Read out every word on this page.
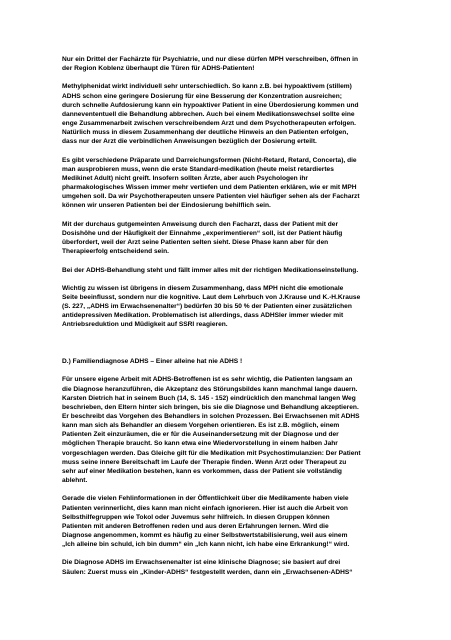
Nur ein Drittel der Fachärzte für Psychiatrie, und nur diese dürfen MPH verschreiben, öffnen in
der Region Koblenz überhaupt die Türen für ADHS-Patienten!

Methylphenidat wirkt individuell sehr unterschiedlich. So kann z.B. bei hypoaktivem (stillem)
ADHS schon eine geringere Dosierung für eine Besserung der Konzentration ausreichen;
durch schnelle Aufdosierung kann ein hypoaktiver Patient in eine Überdosierung kommen und
dannevententuell die Behandlung abbrechen. Auch bei einem Medikationswechsel sollte eine
enge Zusammenarbeit zwischen verschreibendem Arzt und dem Psychotherapeuten erfolgen.
Natürlich muss in diesem Zusammenhang der deutliche Hinweis an den Patienten erfolgen,
dass nur der Arzt die verbindlichen Anweisungen bezüglich der Dosierung erteilt.

Es gibt verschiedene Präparate und Darreichungsformen (Nicht-Retard, Retard, Concerta), die
man ausprobieren muss, wenn die erste Standard-medikation (heute meist retardiertes
Medikinet Adult) nicht greift. Insofern sollten Ärzte, aber auch Psychologen ihr
pharmakologisches Wissen immer mehr vertiefen und dem Patienten erklären, wie er mit MPH
umgehen soll. Da wir Psychotherapeuten unsere Patienten viel häufiger sehen als der Facharzt
können wir unseren Patienten bei der Eindosierung behilflich sein.

Mit der durchaus gutgemeinten Anweisung durch den Facharzt, dass der Patient mit der
Dosishöhe und der Häufigkeit der Einnahme „experimentieren“ soll, ist der Patient häufig
überfordert, weil der Arzt seine Patienten selten sieht. Diese Phase kann aber für den
Therapieerfolg entscheidend sein.

Bei der ADHS-Behandlung steht und fällt immer alles mit der richtigen Medikationseinstellung.

Wichtig zu wissen ist übrigens in diesem Zusammenhang, dass MPH nicht die emotionale
Seite beeinflusst, sondern nur die kognitive. Laut dem Lehrbuch von J.Krause und K.-H.Krause
(S. 227, „ADHS im Erwachsenenalter“) bedürfen 30 bis 50 % der Patienten einer zusätzlichen
antidepressiven Medikation. Problematisch ist allerdings, dass ADHSler immer wieder mit
Antriebsreduktion und Müdigkeit auf SSRI reagieren.

D.) Familiendiagnose ADHS – Einer alleine hat nie ADHS !

Für unsere eigene Arbeit mit ADHS-Betroffenen ist es sehr wichtig, die Patienten langsam an
die Diagnose heranzuführen, die Akzeptanz des Störungsbildes kann manchmal lange dauern.
Karsten Dietrich hat in seinem Buch (14, S. 145 - 152) eindrücklich den manchmal langen Weg
beschrieben, den Eltern hinter sich bringen, bis sie die Diagnose und Behandlung akzeptieren.
Er beschreibt das Vorgehen des Behandlers in solchen Prozessen. Bei Erwachsenen mit ADHS
kann man sich als Behandler an diesem Vorgehen orientieren. Es ist z.B. möglich, einem
Patienten Zeit einzuräumen, die er für die Auseinandersetzung mit der Diagnose und der
möglichen Therapie braucht. So kann etwa eine Wiedervorstellung in einem halben Jahr
vorgeschlagen werden. Das Gleiche gilt für die Medikation mit Psychostimulanzien: Der Patient
muss seine innere Bereitschaft im Laufe der Therapie finden. Wenn Arzt oder Therapeut zu
sehr auf einer Medikation bestehen, kann es vorkommen, dass der Patient sie vollständig
ablehnt.

Gerade die vielen Fehlinformationen in der Öffentlichkeit über die Medikamente haben viele
Patienten verinnerlicht, dies kann man nicht einfach ignorieren. Hier ist auch die Arbeit von
Selbsthilfegruppen wie Tokol oder Juvemus sehr hilfreich. In diesen Gruppen können
Patienten mit anderen Betroffenen reden und aus deren Erfahrungen lernen. Wird die
Diagnose angenommen, kommt es häufig zu einer Selbstwertstabilisierung, weil aus einem
„Ich alleine bin schuld, ich bin dumm“ ein „Ich kann nicht, ich habe eine Erkrankung!“ wird.

Die Diagnose ADHS im Erwachsenenalter ist eine klinische Diagnose; sie basiert auf drei
Säulen: Zuerst muss ein „Kinder-ADHS“ festgestellt werden, dann ein „Erwachsenen-ADHS“
